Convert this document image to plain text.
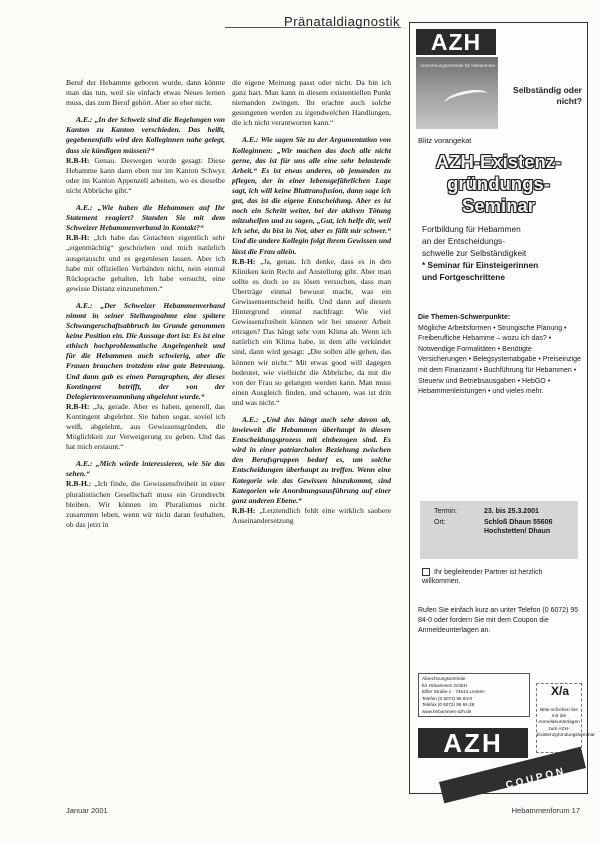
Pränataldiagnostik

Beruf der Hebamme geboren wurde, dann könnte man das tun, weil sie einfach etwas Neues lernen muss, das zum Beruf gehört. Aber so eher nicht.

A.E.: „In der Schweiz sind die Regelungen von Kanton zu Kanton verschieden. Das heißt, gegebenenfalls wird den Kolleginnen nahe gelegt, dass sie kündigen müssen?“
R.B-H: Genau. Deswegen wurde gesagt: Diese Hebamme kann dann eben nur im Kanton Schwyz oder im Kanton Appenzell arbeiten, wo es dieselbe nicht Abbrüche gibt.“

A.E.: „Wie haben die Hebammen auf Ihr Statement reagiert? Standen Sie mit dem Schweizer Hebammenverband in Kontakt?“
R.B-H: „Ich habe das Gutachten eigentlich sehr „eigenmächtig“ geschrieben und mich natürlich ausgetauscht und es gegenlesen lassen. Aber ich habe mit offiziellen Verbänden nicht, nein einmal Rücksprache gehalten. Ich habe versucht, eine gewisse Distanz einzunehmen.“

A.E.: „Der Schweizer Hebammenverband nimmt in seiner Stellungnahme eine spätere Schwangerschaftsabbruch im Grunde genommen keine Position ein. Die Aussage dort ist: Es ist eine ethisch hochproblematische Angelegenheit und für die Hebammen auch schwierig, aber die Frauen brauchen trotzdem eine gute Betreuung. Und dann gab es einen Paragraphen, der dieses Kontingent betrifft, der von der Delegiertenversammlung abgelehnt wurde.“
R.B-H: „Ja, gerade. Aber es haben, generell, das Kontingent abgelehnt. Sie haben sogar, soviel ich weiß, abgelehnt, aus Gewissensgründen, die Möglichkeit zur Verweigerung zu geben. Und das hat mich erstaunt.“

A.E.: „Mich würde interessieren, wie Sie das sehen.“
R.B-H.: „Ich finde, die Gewissensfreiheit in einer pluralistischen Gesellschaft muss ein Grundrecht bleiben. Wir können im Pluralismus nicht zusammen leben, wenn wir nicht daran festhalten, ob das jetzt in

die eigene Meinung passt oder nicht. Da bin ich ganz hart. Man kann in diesem existentiellen Punkt niemanden zwingen. Ihr erachte auch solche gesungenen werden zu irgendwelchen Handlungen, die ich nicht verantworten kann.“

A.E.: Wie sagen Sie zu der Argumentation von Kolleginnen: „Wir machen das doch alle nicht gerne, das ist für uns alle eine sehr belastende Arbeit.“ Es ist etwas anderes, ob jemanden zu pflegen, der in einer lebensgefährlichen Lage sagt, ich will keine Bluttransfusion, dann sage ich gut, das ist die eigene Entscheidung. Aber es ist noch ein Schritt weiter, bei der aktiven Tötung mitzuhelfen und zu sagen, „Gut, ich helfe dir, weil ich sehe, du bist in Not, aber es fällt mir schwer.“ Und die andere Kollegin folgt ihrem Gewissen und lässt die Frau allein.
R.B-H: „Ja, genau. Ich denke, dass es in den Kliniken kein Recht auf Anstellung gibt. Aber man sollte es doch so zu lösen versuchen, dass man Überträge einmal bewusst macht, was ein Gewissensentscheid heißt. Und dann auf diesem Hintergrund einmal nachfragt: Wie viel Gewissensfreiheit können wir bei unserer Arbeit ertragen? Das hängt sehr vom Klima ab. Wenn ich natürlich ein Klima habe, in dem alle verkündet sind, dann wird gesagt: „Die sollen alle gehen, das können wir nicht.“ Mit etwas good will dagegen bedeutet, wie vielleicht die Abbrüche, da mit die von der Frau so gelangen werden kann. Man muss einen Ausgleich finden, und schauen, was ist drin und was nicht.“

A.E.: „Und das hängt auch sehr davon ab, inwieweit die Hebammen überhaupt in diesen Entscheidungsprozess mit einbezogen sind. Es wird in einer patriarchalen Beziehung zwischen den Berufsgruppen bedarf es, um solche Entscheidungen überhaupt zu treffen. Wenn eine Kategorie wie das Gewissen hinzukommt, sind Kategorien wie Anordnungsausführung auf einer ganz anderen Ebene.“
R.B-H: „Letztendlich fehlt eine wirklich saubere Auseinandersetzung

Januar 2001	Hebammenforum 17
AZH
Abrechnungszentrale für Hebammen
Selbständig oder nicht?
Blitz vorangekat
AZH-Existenz-gründungs-Seminar
Fortbildung für Hebammen
an der Entscheidungs-
schwelle zur Selbständigkeit
* Seminar für Einsteigerinnen
und Fortgeschrittene
Die Themen-Schwerpunkte:
Mögliche Arbeitsformen • Strungische Planung • Freiberufliche Hebamme – wozu ich das? • Notwendige Formalitäten • Benötigte Versicherungen • Belegsystemabgabe • Preiseinzige mit dem Finanzamt • Buchführung für Hebammen • Steuerw und Betriebsausgaben • HebGO • Hebammenleistungen • und vieles mehr.
Termin:	23. bis 25.3.2001
Ort:	Schloß Dhaun 55606 Hochstetten/ Dhaun
Ihr begleitender Partner ist herzlich willkommen.
Rufen Sie einfach kurz an unter Telefon (0 6072) 95 84-0 oder fordern Sie mit dem Coupon die Anmeldeunterlagen an.
Abrechnungszentrale
für Hebammen GmbH
Eifler Straße 1 · 74613 Leimen
Telefon (0 6072) 95 84-0
Telefax (0 6072) 95 84-26
www.hebammen-azh.de
X/a
Bitte schicken Sie mir die Anmeldeunterlagen zum AZH-Existenzgründungsseminar
AZH
COUPON
